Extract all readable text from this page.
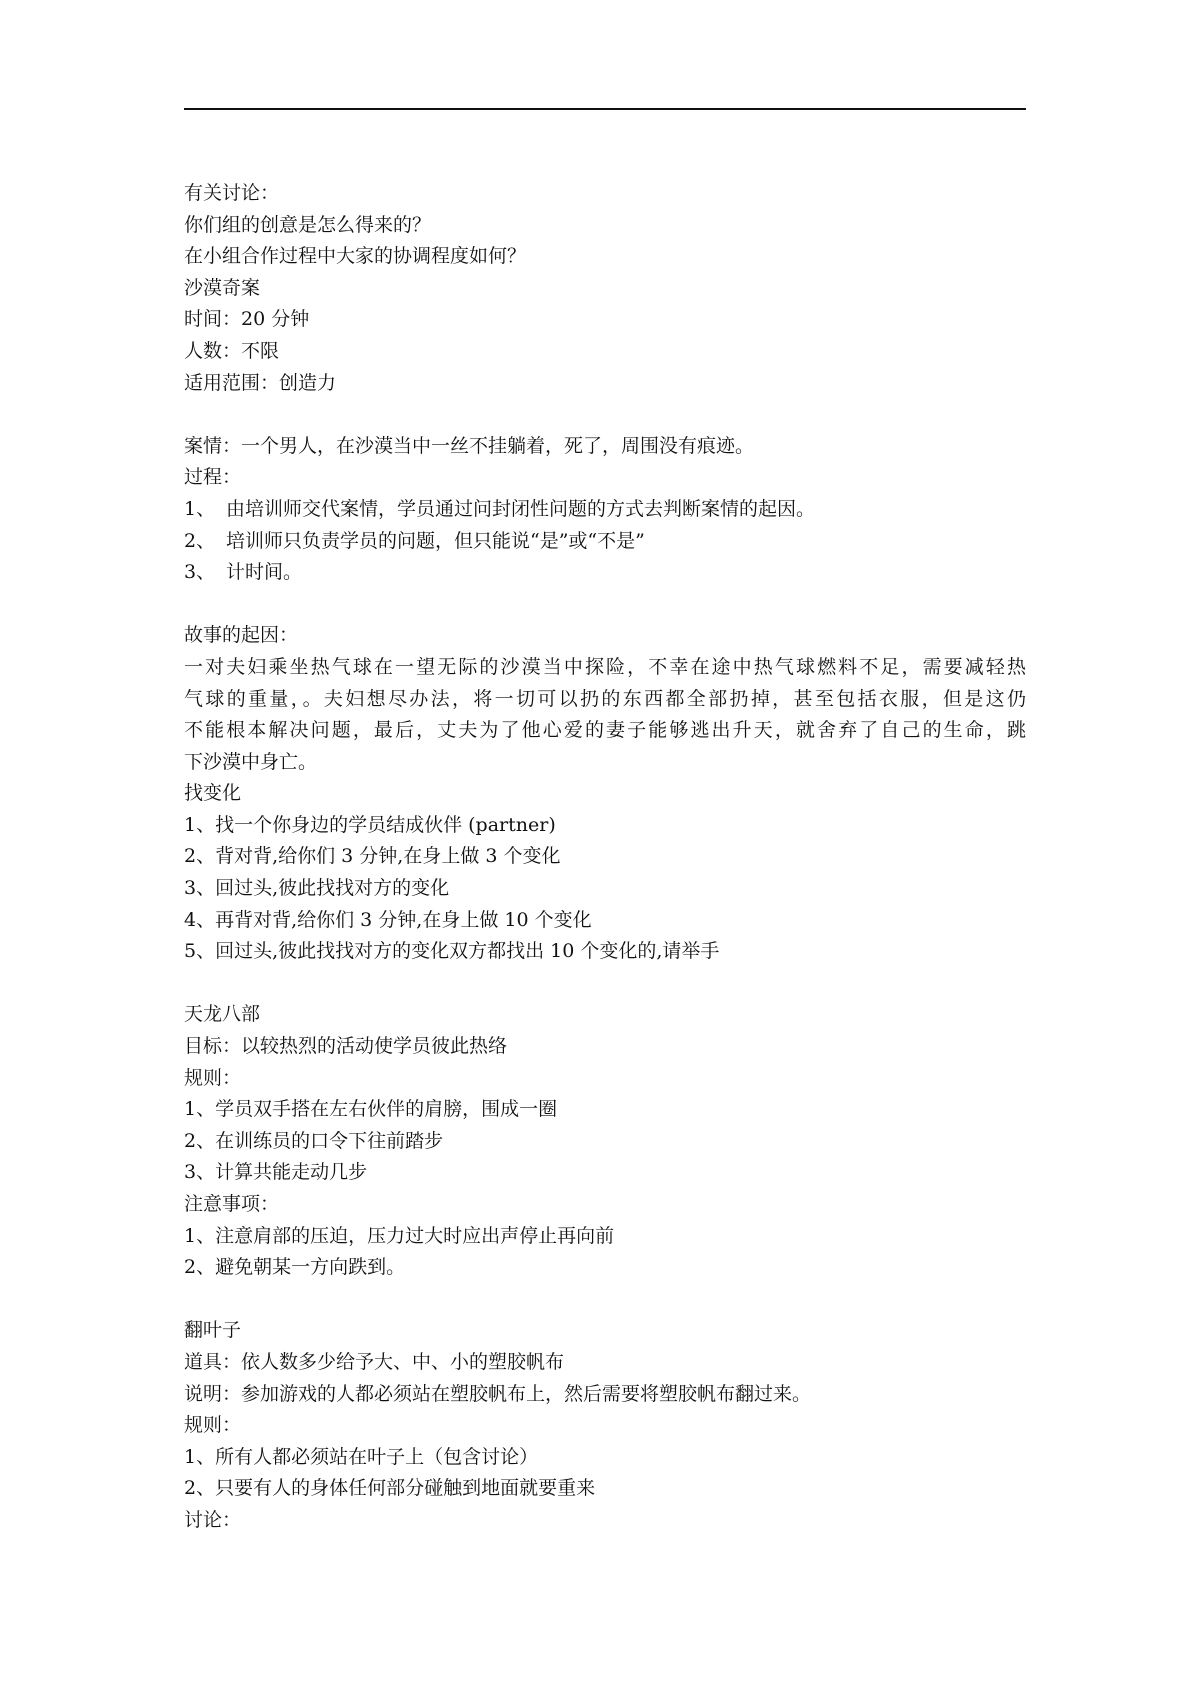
有关讨论：
你们组的创意是怎么得来的？
在小组合作过程中大家的协调程度如何？
沙漠奇案
时间：20 分钟
人数：不限
适用范围：创造力
案情：一个男人，在沙漠当中一丝不挂躺着，死了，周围没有痕迹。
过程：
1、 由培训师交代案情，学员通过问封闭性问题的方式去判断案情的起因。
2、 培训师只负责学员的问题，但只能说“是”或“不是”
3、 计时间。
故事的起因：
一对夫妇乘坐热气球在一望无际的沙漠当中探险，不幸在途中热气球燃料不足，需要减轻热
气球的重量，。夫妇想尽办法，将一切可以扔的东西都全部扔掉，甚至包括衣服，但是这仍
不能根本解决问题，最后，丈夫为了他心爱的妻子能够逃出升天，就舍弃了自己的生命，跳
下沙漠中身亡。
找变化
1、找一个你身边的学员结成伙伴 (partner)
2、背对背,给你们 3 分钟,在身上做 3 个变化
3、回过头,彼此找找对方的变化
4、再背对背,给你们 3 分钟,在身上做 10 个变化
5、回过头,彼此找找对方的变化双方都找出 10 个变化的,请举手
天龙八部
目标：以较热烈的活动使学员彼此热络
规则：
1、学员双手搭在左右伙伴的肩膀，围成一圈
2、在训练员的口令下往前踏步
3、计算共能走动几步
注意事项：
1、注意肩部的压迫，压力过大时应出声停止再向前
2、避免朝某一方向跌到。
翻叶子
道具：依人数多少给予大、中、小的塑胶帆布
说明：参加游戏的人都必须站在塑胶帆布上，然后需要将塑胶帆布翻过来。
规则：
1、所有人都必须站在叶子上（包含讨论）
2、只要有人的身体任何部分碰触到地面就要重来
讨论：
